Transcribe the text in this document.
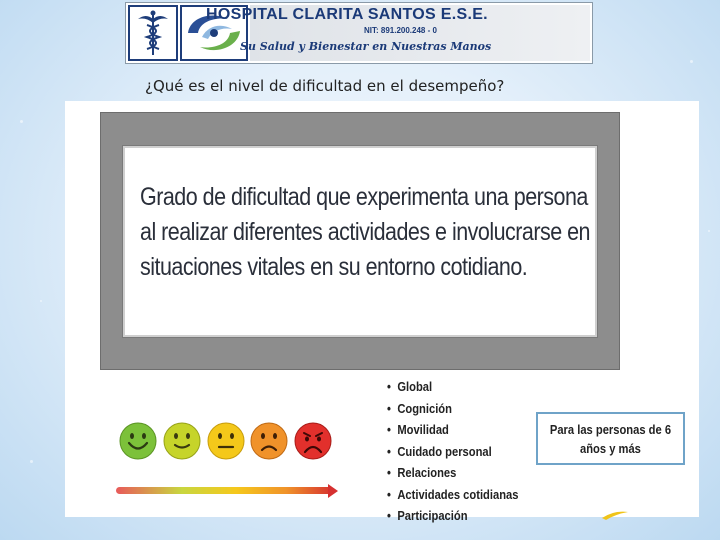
HOSPITAL CLARITA SANTOS E.S.E.
NIT: 891.200.248 - 0
Su Salud y Bienestar en Nuestras Manos
¿Qué es el nivel de dificultad en el desempeño?
Grado de dificultad que experimenta una persona
al realizar diferentes actividades e involucrarse en
situaciones vitales en su entorno cotidiano.
• Global
• Cognición
• Movilidad
• Cuidado personal
• Relaciones
• Actividades cotidianas
• Participación
Para las personas de 6
años y más
